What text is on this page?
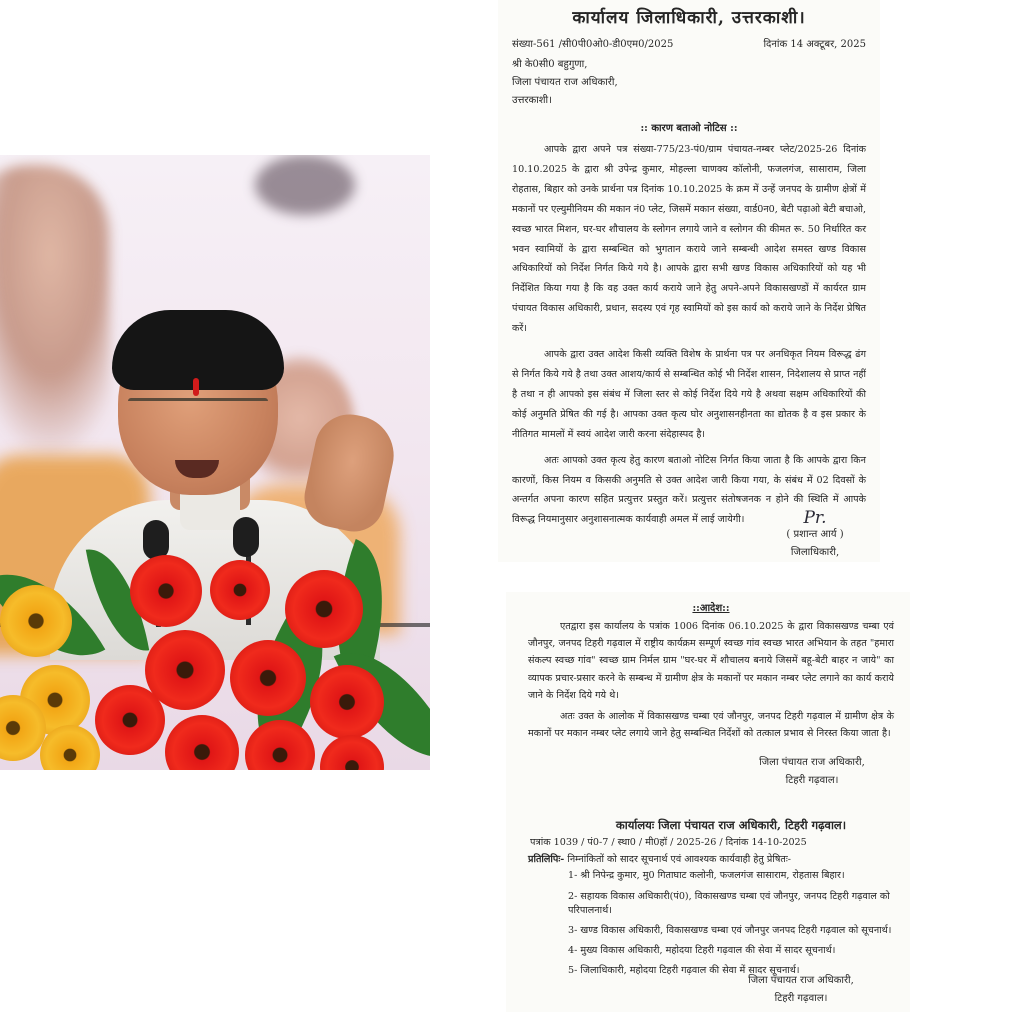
कार्यालय जिलाधिकारी, उत्तरकाशी।
संख्या-561 /सी0पी0ओ0-डी0एम0/2025	दिनांक 14 अक्टूबर, 2025
श्री के0सी0 बहुगुणा,
जिला पंचायत राज अधिकारी,
उत्तरकाशी।
:: कारण बताओ नोटिस ::
आपके द्वारा अपने पत्र संख्या-775/23-पं0/ग्राम पंचायत-नम्बर प्लेट/2025-26 दिनांक 10.10.2025 के द्वारा श्री उपेन्द्र कुमार, मोहल्ला चाणक्य कॉलोनी, फजलगंज, सासाराम, जिला रोहतास, बिहार को उनके प्रार्थना पत्र दिनांक 10.10.2025 के क्रम में उन्हें जनपद के ग्रामीण क्षेत्रों में मकानों पर एल्युमीनियम की मकान नं0 प्लेट, जिसमें मकान संख्या, वार्ड0न0, बेटी पढ़ाओ बेटी बचाओ, स्वच्छ भारत मिशन, घर-घर शौचालय के स्लोगन लगाये जाने व स्लोगन की कीमत रू. 50 निर्धारित कर भवन स्वामियों के द्वारा सम्बन्धित को भुगतान कराये जाने सम्बन्धी आदेश समस्त खण्ड विकास अधिकारियों को निर्देश निर्गत किये गये है। आपके द्वारा सभी खण्ड विकास अधिकारियों को यह भी निर्देशित किया गया है कि वह उक्त कार्य कराये जाने हेतु अपने-अपने विकासखण्डों में कार्यरत ग्राम पंचायत विकास अधिकारी, प्रधान, सदस्य एवं गृह स्वामियों को इस कार्य को कराये जाने के निर्देश प्रेषित करें।
आपके द्वारा उक्त आदेश किसी व्यक्ति विशेष के प्रार्थना पत्र पर अनधिकृत नियम विरूद्ध ढंग से निर्गत किये गये है तथा उक्त आशय/कार्य से सम्बन्धित कोई भी निर्देश शासन, निदेशालय से प्राप्त नहीं है तथा न ही आपको इस संबंध में जिला स्तर से कोई निर्देश दिये गये है अथवा सक्षम अधिकारियों की कोई अनुमति प्रेषित की गई है। आपका उक्त कृत्य घोर अनुशासनहीनता का द्योतक है व इस प्रकार के नीतिगत मामलों में स्वयं आदेश जारी करना संदेहास्पद है।
अतः आपको उक्त कृत्य हेतु कारण बताओ नोटिस निर्गत किया जाता है कि आपके द्वारा किन कारणों, किस नियम व किसकी अनुमति से उक्त आदेश जारी किया गया, के संबंध में 02 दिवसों के अन्तर्गत अपना कारण सहित प्रत्युत्तर प्रस्तुत करें। प्रत्युत्तर संतोषजनक न होने की स्थिति में आपके विरूद्ध नियमानुसार अनुशासनात्मक कार्यवाही अमल में लाई जायेगी।	Pr.
( प्रशान्त आर्य )
जिलाधिकारी,
::आदेश::
एतद्वारा इस कार्यालय के पत्रांक 1006 दिनांक 06.10.2025 के द्वारा विकासखण्ड चम्बा एवं जौनपुर, जनपद टिहरी गढ़वाल में राष्ट्रीय कार्यक्रम सम्पूर्ण स्वच्छ गांव स्वच्छ भारत अभियान के तहत "हमारा संकल्प स्वच्छ गांव" स्वच्छ ग्राम निर्मल ग्राम "घर-घर में शौचालय बनाये जिसमें बहू-बेटी बाहर न जाये" का व्यापक प्रचार-प्रसार करने के सम्बन्ध में ग्रामीण क्षेत्र के मकानों पर मकान नम्बर प्लेट लगाने का कार्य कराये जाने के निर्देश दिये गये थे।
अतः उक्त के आलोक में विकासखण्ड चम्बा एवं जौनपुर, जनपद टिहरी गढ़वाल में ग्रामीण क्षेत्र के मकानों पर मकान नम्बर प्लेट लगाये जाने हेतु सम्बन्धित निर्देशों को तत्काल प्रभाव से निरस्त किया जाता है।
जिला पंचायत राज अधिकारी,
टिहरी गढ़वाल।
कार्यालयः जिला पंचायत राज अधिकारी, टिहरी गढ़वाल।
पत्रांक 1039 / पं0-7 / स्था0 / मी0हॉ / 2025-26 / दिनांक 14-10-2025
प्रतिलिपिः- निम्नांकितों को सादर सूचनार्थ एवं आवश्यक कार्यवाही हेतु प्रेषितः-
1- श्री निपेन्द्र कुमार, मु0 गिताघाट कलोनी, फजलगंज सासाराम, रोहतास बिहार।
2- सहायक विकास अधिकारी(पं0), विकासखण्ड चम्बा एवं जौनपुर, जनपद टिहरी गढ़वाल को परिपालनार्थ।
3- खण्ड विकास अधिकारी, विकासखण्ड चम्बा एवं जौनपुर जनपद टिहरी गढ़वाल को सूचनार्थ।
4- मुख्य विकास अधिकारी, महोदया टिहरी गढ़वाल की सेवा में सादर सूचनार्थ।
5- जिलाधिकारी, महोदया टिहरी गढ़वाल की सेवा में सादर सूचनार्थ।
जिला पंचायत राज अधिकारी,
टिहरी गढ़वाल।
